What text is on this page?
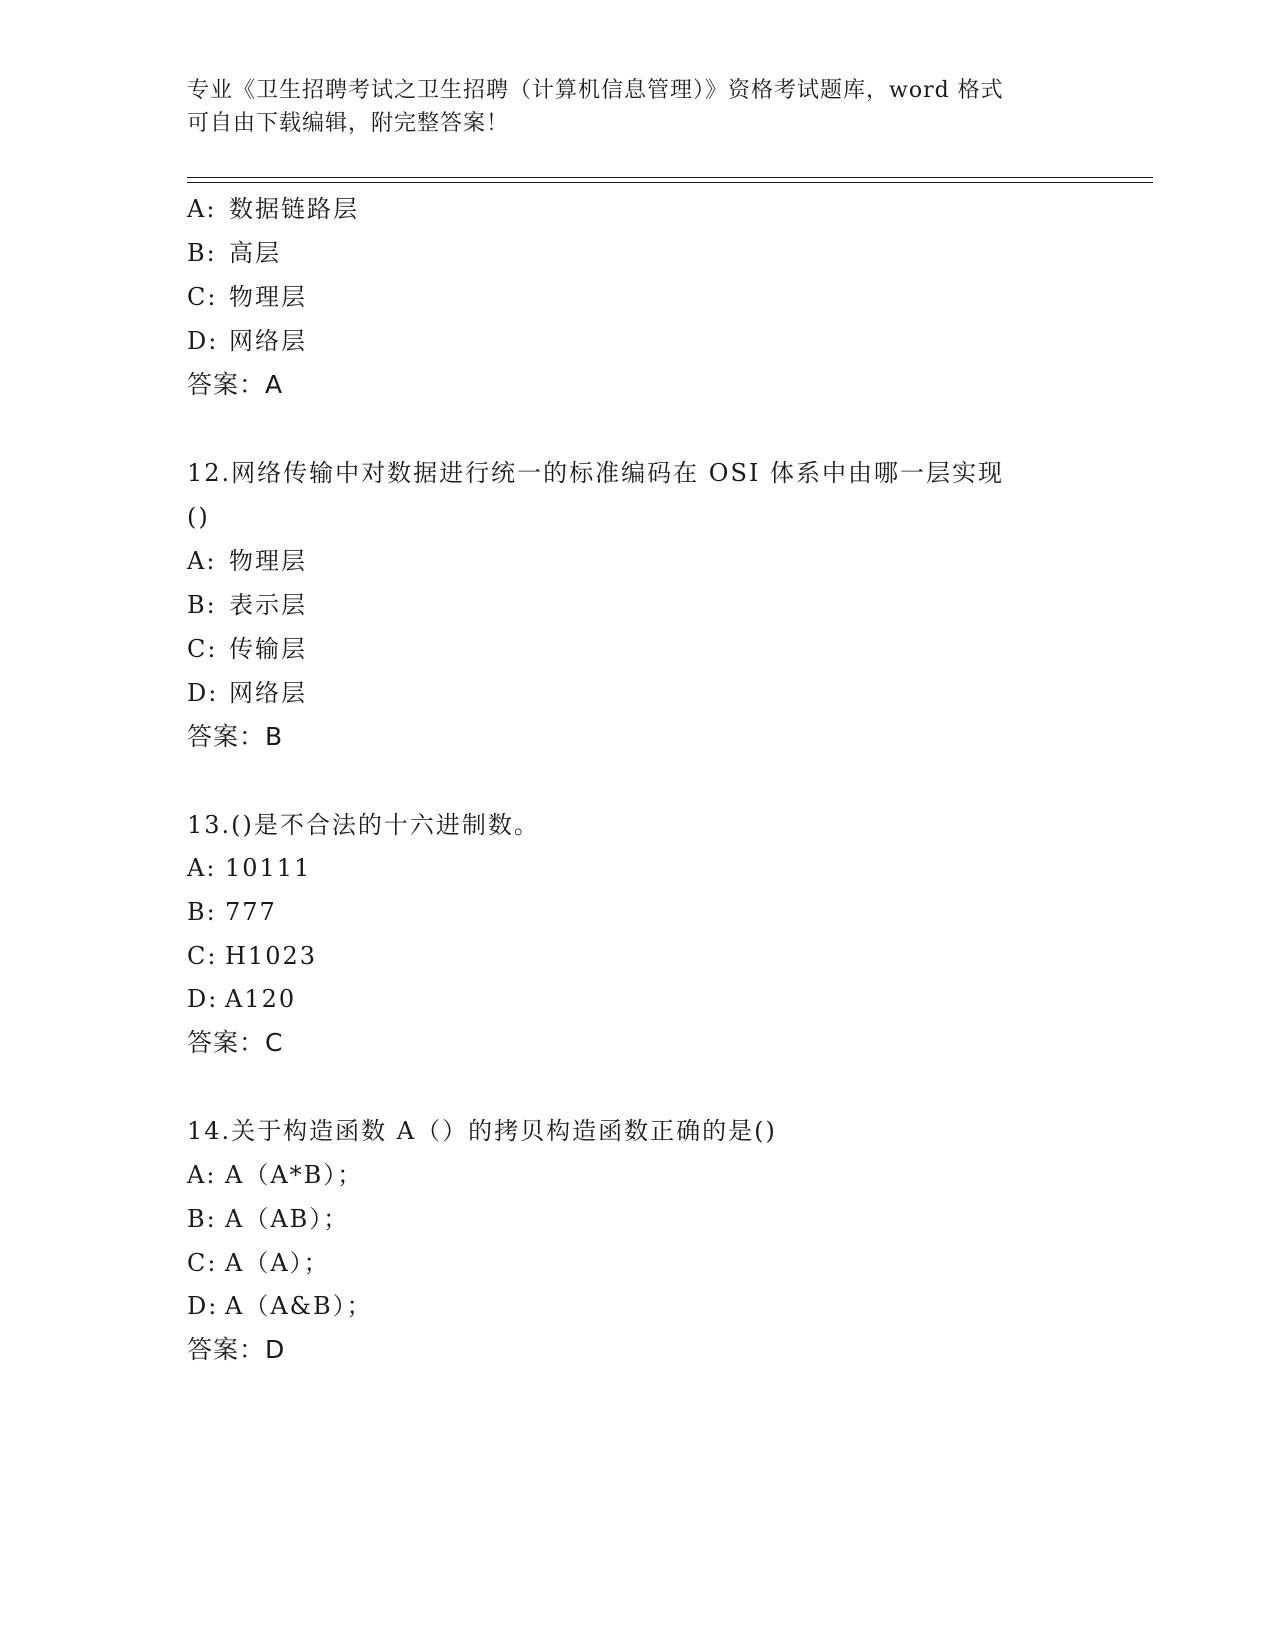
专业《卫生招聘考试之卫生招聘（计算机信息管理）》资格考试题库，word 格式
可自由下载编辑，附完整答案！
A: 数据链路层
B: 高层
C: 物理层
D: 网络层
答案：A
12.网络传输中对数据进行统一的标准编码在 OSI 体系中由哪一层实现
()
A: 物理层
B: 表示层
C: 传输层
D: 网络层
答案：B
13.()是不合法的十六进制数。
A: 10111
B: 777
C: H1023
D: A120
答案：C
14.关于构造函数 A（）的拷贝构造函数正确的是()
A: A（A*B）；
B: A（AB）；
C: A（A）；
D: A（A&B）；
答案：D
